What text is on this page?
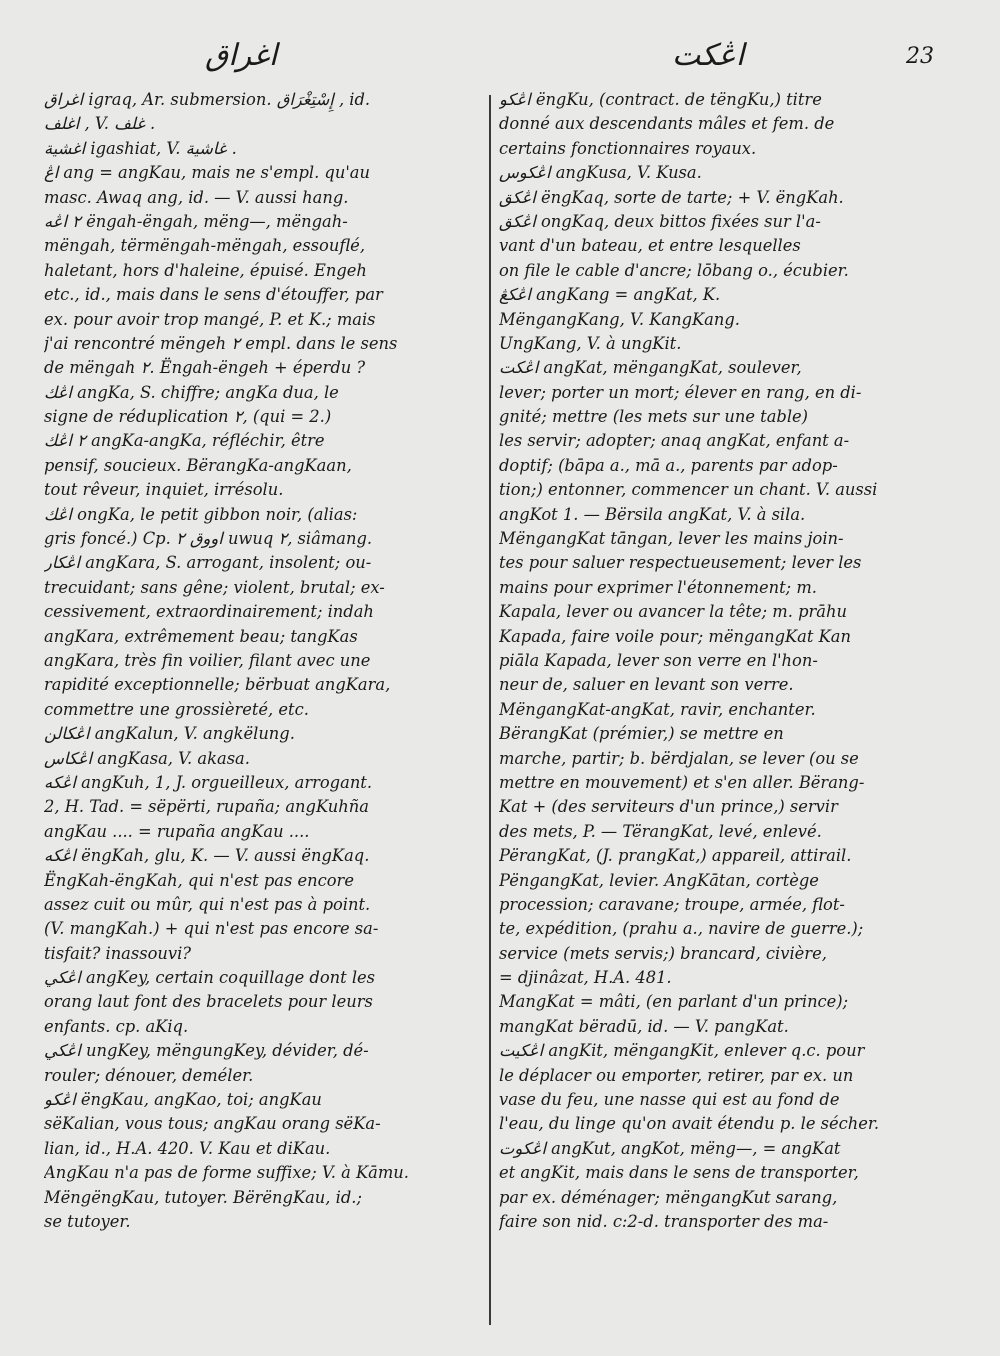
اغراق	اڠكت	23
اغراق igraq, Ar. submersion. إِسْتِغْرَاق , id.
اغلف , V. غلف .
اغشية igashiat, V. غاشية .
اڠ ang = angKau, mais ne s'empl. qu'au
masc. Awaq ang, id. — V. aussi hang.
٢ اڠه ëngah-ëngah, mëng—, mëngah-
mëngah, tërmëngah-mëngah, essouflé,
haletant, hors d'haleine, épuisé. Engeh
etc., id., mais dans le sens d'étouffer, par
ex. pour avoir trop mangé, P. et K.; mais
j'ai rencontré mëngeh ٢ empl. dans le sens
de mëngah ٢. Ëngah-ëngeh + éperdu ?
اڠك angKa, S. chiffre; angKa dua, le
signe de réduplication ٢, (qui = 2.)
٢ اڠك angKa-angKa, réfléchir, être
pensif, soucieux. BërangKa-angKaan,
tout rêveur, inquiet, irrésolu.
اڠك ongKa, le petit gibbon noir, (alias:
gris foncé.) Cp. اووق ٢ uwuq ٢, siâmang.
اڠكار angKara, S. arrogant, insolent; ou-
trecuidant; sans gêne; violent, brutal; ex-
cessivement, extraordinairement; indah
angKara, extrêmement beau; tangKas
angKara, très fin voilier, filant avec une
rapidité exceptionnelle; bërbuat angKara,
commettre une grossièreté, etc.
اڠكالن angKalun, V. angkëlung.
اڠكاس angKasa, V. akasa.
اڠكه angKuh, 1, J. orgueilleux, arrogant.
2, H. Tad. = sëpërti, rupaña; angKuhña
angKau .... = rupaña angKau ....
اڠكه ëngKah, glu, K. — V. aussi ëngKaq.
ËngKah-ëngKah, qui n'est pas encore
assez cuit ou mûr, qui n'est pas à point.
(V. mangKah.) + qui n'est pas encore sa-
tisfait? inassouvi?
اڠكي angKey, certain coquillage dont les
orang laut font des bracelets pour leurs
enfants. cp. aKiq.
اڠكي ungKey, mëngungKey, dévider, dé-
rouler; dénouer, deméler.
اڠكو ëngKau, angKao, toi; angKau
sëKalian, vous tous; angKau orang sëKa-
lian, id., H.A. 420. V. Kau et diKau.
AngKau n'a pas de forme suffixe; V. à Kāmu.
MëngëngKau, tutoyer. BërëngKau, id.;
se tutoyer.
اڠكو ëngKu, (contract. de tëngKu,) titre
donné aux descendants mâles et fem. de
certains fonctionnaires royaux.
اڠكوس angKusa, V. Kusa.
اڠكق ëngKaq, sorte de tarte; + V. ëngKah.
اڠكق ongKaq, deux bittos fixées sur l'a-
vant d'un bateau, et entre lesquelles
on file le cable d'ancre; lōbang o., écubier.
اڠكڠ angKang = angKat, K.
MëngangKang, V. KangKang.
UngKang, V. à ungKit.
اڠكت angKat, mëngangKat, soulever,
lever; porter un mort; élever en rang, en di-
gnité; mettre (les mets sur une table)
les servir; adopter; anaq angKat, enfant a-
doptif; (bāpa a., mā a., parents par adop-
tion;) entonner, commencer un chant. V. aussi
angKot 1. — Bërsila angKat, V. à sila.
MëngangKat tāngan, lever les mains join-
tes pour saluer respectueusement; lever les
mains pour exprimer l'étonnement; m.
Kapala, lever ou avancer la tête; m. prāhu
Kapada, faire voile pour; mëngangKat Kan
piāla Kapada, lever son verre en l'hon-
neur de, saluer en levant son verre.
MëngangKat-angKat, ravir, enchanter.
BërangKat (prémier,) se mettre en
marche, partir; b. bërdjalan, se lever (ou se
mettre en mouvement) et s'en aller. Bërang-
Kat + (des serviteurs d'un prince,) servir
des mets, P. — TërangKat, levé, enlevé.
PërangKat, (J. prangKat,) appareil, attirail.
PëngangKat, levier. AngKātan, cortège
procession; caravane; troupe, armée, flot-
te, expédition, (prahu a., navire de guerre.);
service (mets servis;) brancard, civière,
= djinâzat, H.A. 481.
MangKat = mâti, (en parlant d'un prince);
mangKat bëradū, id. — V. pangKat.
اڠكيت angKit, mëngangKit, enlever q.c. pour
le déplacer ou emporter, retirer, par ex. un
vase du feu, une nasse qui est au fond de
l'eau, du linge qu'on avait étendu p. le sécher.
اڠكوت angKut, angKot, mëng—, = angKat
et angKit, mais dans le sens de transporter,
par ex. déménager; mëngangKut sarang,
faire son nid. c:2-d. transporter des ma-
